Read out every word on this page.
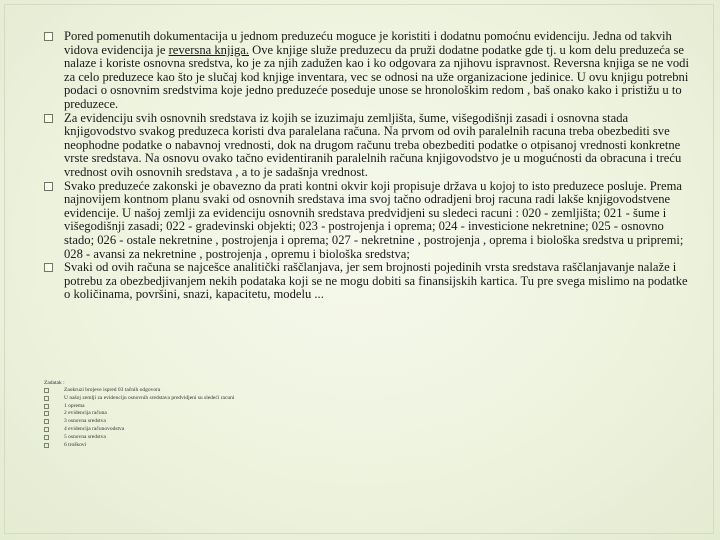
Pored pomenutih dokumentacija u jednom preduzeću moguce je koristiti i dodatnu pomoćnu evidenciju. Jedna od takvih vidova evidencija je reversna knjiga. Ove knjige služe preduzecu da pruži dodatne podatke gde tj. u kom delu preduzeća se nalaze i koriste osnovna sredstva, ko je za njih zadužen kao i ko odgovara za njihovu ispravnost. Reversna knjiga se ne vodi za celo preduzece kao što je slučaj kod knjige inventara, vec se odnosi na uže organizacione jedinice. U ovu knjigu potrebni podaci o osnovnim sredstvima koje jedno preduzeće poseduje unose se hronološkim redom , baš onako kako i pristižu u to preduzece.
Za evidenciju svih osnovnih sredstava iz kojih se izuzimaju zemljišta, šume, višegodišnji zasadi i osnovna stada knjigovodstvo svakog preduzeca koristi dva paralelana računa. Na prvom od ovih paralelnih racuna treba obezbediti sve neophodne podatke o nabavnoj vrednosti, dok na drugom računu treba obezbediti podatke o otpisanoj vrednosti konkretne vrste sredstava. Na osnovu ovako tačno evidentiranih paralelnih računa knjigovodstvo je u mogućnosti da obracuna i treću vrednost ovih osnovnih sredstava , a to je sadašnja vrednost.
Svako preduzeće zakonski je obavezno da prati kontni okvir koji propisuje država u kojoj to isto preduzece posluje. Prema najnovijem kontnom planu svaki od osnovnih sredstava ima svoj tačno odradjeni broj racuna radi lakše knjigovodstvene evidencije. U našoj zemlji za evidenciju osnovnih sredstava predvidjeni su sledeci racuni : 020 - zemljišta; 021 - šume i višegodišnji zasadi; 022 - gradevinski objekti; 023 - postrojenja i oprema; 024 - investicione nekretnine; 025 - osnovno stado; 026 - ostale nekretnine , postrojenja i oprema; 027 - nekretnine , postrojenja , oprema i biološka sredstva u pripremi; 028 - avansi za nekretnine , postrojenja , opremu i biološka sredstva;
Svaki od ovih računa se najcešce analitički raščlanjava, jer sem brojnosti pojedinih vrsta sredstava raščlanjavanje nalaže i potrebu za obezbedjivanjem nekih podataka koji se ne mogu dobiti sa finansijskih kartica. Tu pre svega mislimo na podatke o količinama, površini, snazi, kapacitetu, modelu ...

Zadatak :

Zaokruzi brojeve ispred 03 tačnih odgovora
U našoj zemlji za evidenciju osnovnih sredstava predvidjeni su sledeći racuni
1 oprema
2 evidencija računa
3 osnovna sredstva
4 evidencija računovodstva
5 osnovna sredstva
6 troškovi
